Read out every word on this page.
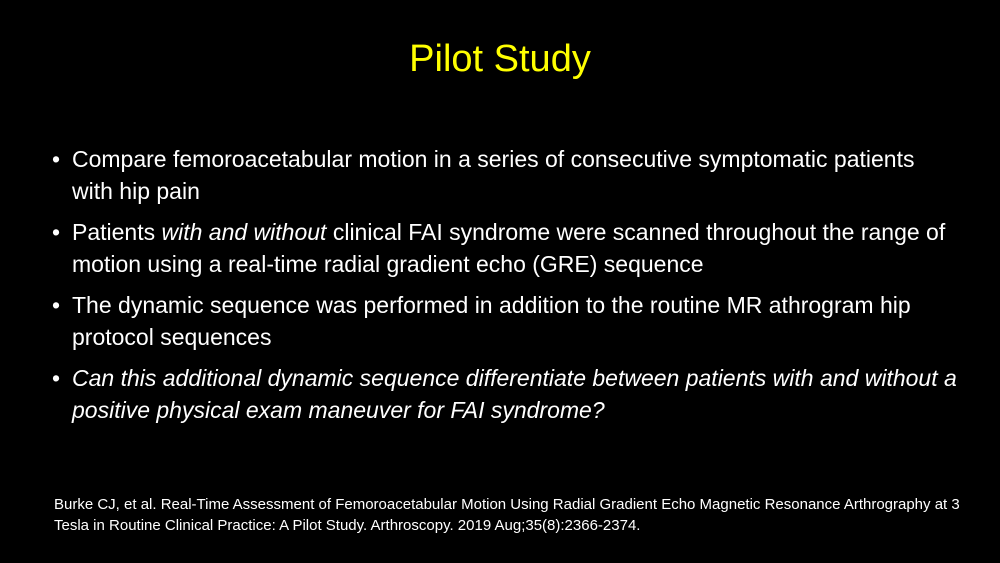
Pilot Study
• Compare femoroacetabular motion in a series of consecutive symptomatic patients with hip pain
• Patients with and without clinical FAI syndrome were scanned throughout the range of motion using a real-time radial gradient echo (GRE) sequence
• The dynamic sequence was performed in addition to the routine MR athrogram hip protocol sequences
• Can this additional dynamic sequence differentiate between patients with and without a positive physical exam maneuver for FAI syndrome?

Burke CJ, et al. Real-Time Assessment of Femoroacetabular Motion Using Radial Gradient Echo Magnetic Resonance Arthrography at 3 Tesla in Routine Clinical Practice: A Pilot Study. Arthroscopy. 2019 Aug;35(8):2366-2374.
